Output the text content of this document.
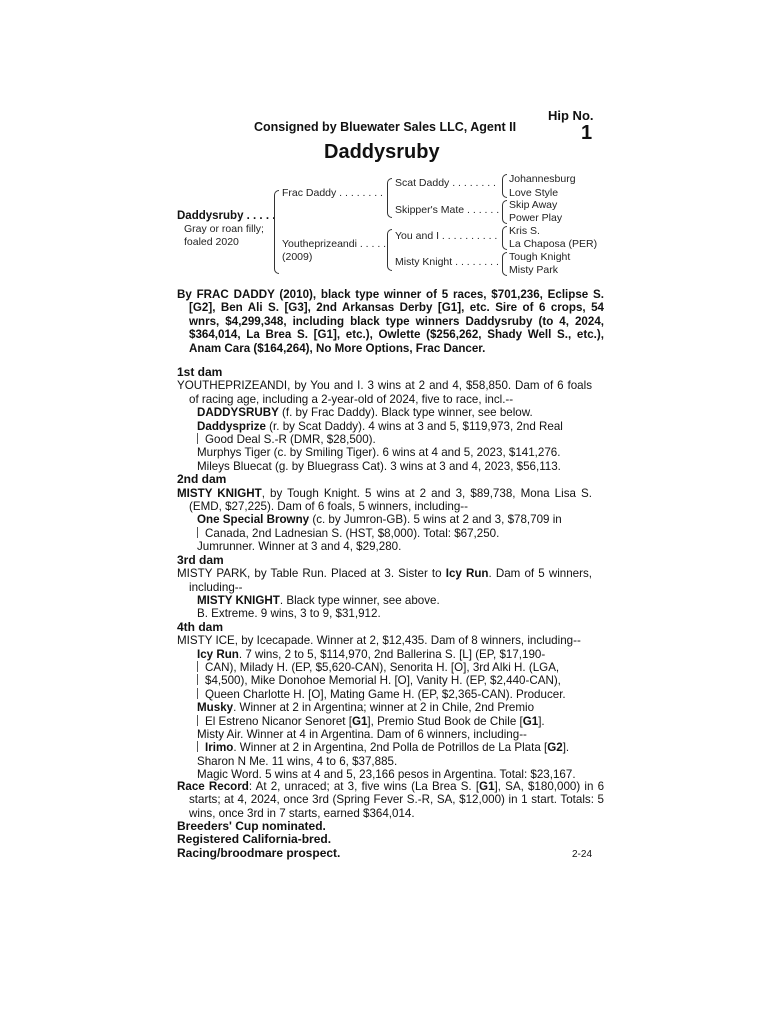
Hip No.
1
Consigned by Bluewater Sales LLC, Agent II
Daddysruby
Daddysruby . . . . .
Gray or roan filly;
foaled 2020
Frac Daddy . . . . . . . .
Youtheprizeandi . . . . .
(2009)
Scat Daddy . . . . . . . .
Skipper's Mate . . . . . .
You and I . . . . . . . . . .
Misty Knight . . . . . . . .
Johannesburg
Love Style
Skip Away
Power Play
Kris S.
La Chaposa (PER)
Tough Knight
Misty Park
By FRAC DADDY (2010), black type winner of 5 races, $701,236, Eclipse S. [G2], Ben Ali S. [G3], 2nd Arkansas Derby [G1], etc. Sire of 6 crops, 54 wnrs, $4,299,348, including black type winners Daddysruby (to 4, 2024, $364,014, La Brea S. [G1], etc.), Owlette ($256,262, Shady Well S., etc.), Anam Cara ($164,264), No More Options, Frac Dancer.
1st dam
YOUTHEPRIZEANDI, by You and I. 3 wins at 2 and 4, $58,850. Dam of 6 foals of racing age, including a 2-year-old of 2024, five to race, incl.--
DADDYSRUBY (f. by Frac Daddy). Black type winner, see below.
Daddysprize (r. by Scat Daddy). 4 wins at 3 and 5, $119,973, 2nd Real
Good Deal S.-R (DMR, $28,500).
Murphys Tiger (c. by Smiling Tiger). 6 wins at 4 and 5, 2023, $141,276.
Mileys Bluecat (g. by Bluegrass Cat). 3 wins at 3 and 4, 2023, $56,113.
2nd dam
MISTY KNIGHT, by Tough Knight. 5 wins at 2 and 3, $89,738, Mona Lisa S. (EMD, $27,225). Dam of 6 foals, 5 winners, including--
One Special Browny (c. by Jumron-GB). 5 wins at 2 and 3, $78,709 in
Canada, 2nd Ladnesian S. (HST, $8,000). Total: $67,250.
Jumrunner. Winner at 3 and 4, $29,280.
3rd dam
MISTY PARK, by Table Run. Placed at 3. Sister to Icy Run. Dam of 5 winners, including--
MISTY KNIGHT. Black type winner, see above.
B. Extreme. 9 wins, 3 to 9, $31,912.
4th dam
MISTY ICE, by Icecapade. Winner at 2, $12,435. Dam of 8 winners, including--
Icy Run. 7 wins, 2 to 5, $114,970, 2nd Ballerina S. [L] (EP, $17,190-
CAN), Milady H. (EP, $5,620-CAN), Senorita H. [O], 3rd Alki H. (LGA,
$4,500), Mike Donohoe Memorial H. [O], Vanity H. (EP, $2,440-CAN),
Queen Charlotte H. [O], Mating Game H. (EP, $2,365-CAN). Producer.
Musky. Winner at 2 in Argentina; winner at 2 in Chile, 2nd Premio
El Estreno Nicanor Senoret [G1], Premio Stud Book de Chile [G1].
Misty Air. Winner at 4 in Argentina. Dam of 6 winners, including--
Irimo. Winner at 2 in Argentina, 2nd Polla de Potrillos de La Plata [G2].
Sharon N Me. 11 wins, 4 to 6, $37,885.
Magic Word. 5 wins at 4 and 5, 23,166 pesos in Argentina. Total: $23,167.
Race Record: At 2, unraced; at 3, five wins (La Brea S. [G1], SA, $180,000) in 6 starts; at 4, 2024, once 3rd (Spring Fever S.-R, SA, $12,000) in 1 start. Totals: 5 wins, once 3rd in 7 starts, earned $364,014.
Breeders' Cup nominated.
Registered California-bred.
Racing/broodmare prospect.	2-24
